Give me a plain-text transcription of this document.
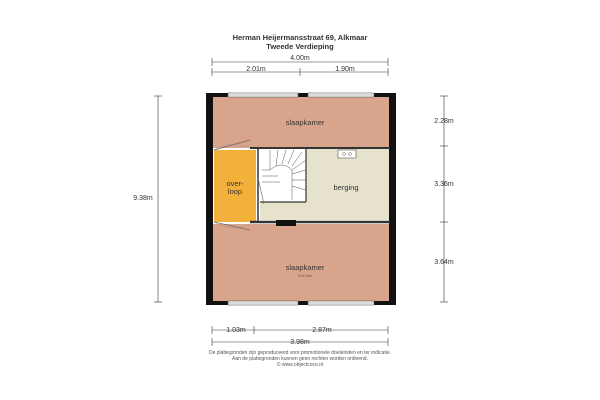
Herman Heijermansstraat 69, Alkmaar
Tweede Verdieping
slaapkamer
over-
loop	berging
slaapkamer
9×3.64m
4.00m
2.01m	1.90m
9.38m
2.28m
3.36m
3.64m
1.03m	2.87m
3.98m
De plattegronden zijn geproduceerd voor promotionele doeleinden en ter indicatie.
Aan de plattegronden kunnen geen rechten worden ontleend.
© www.objectcoco.nl
